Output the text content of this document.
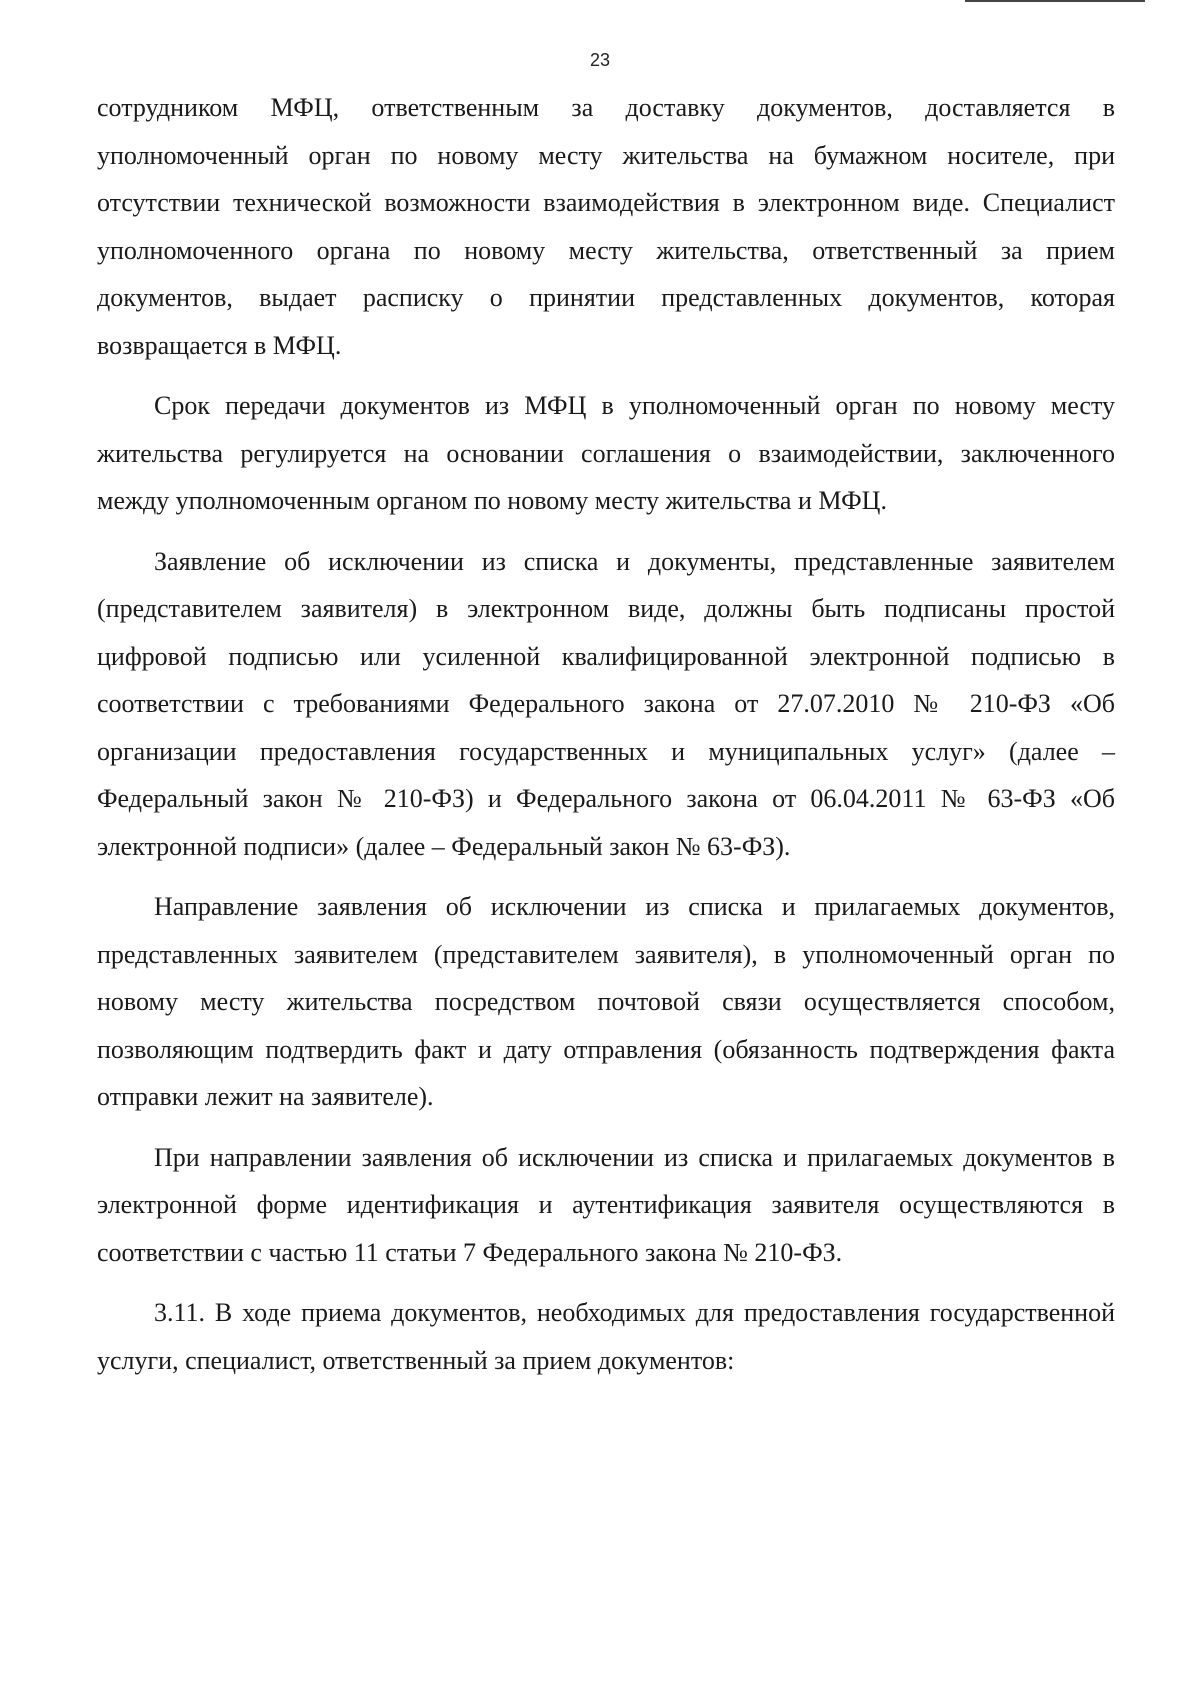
23

сотрудником МФЦ, ответственным за доставку документов, доставляется в уполномоченный орган по новому месту жительства на бумажном носителе, при отсутствии технической возможности взаимодействия в электронном виде. Специалист уполномоченного органа по новому месту жительства, ответственный за прием документов, выдает расписку о принятии представленных документов, которая возвращается в МФЦ.

Срок передачи документов из МФЦ в уполномоченный орган по новому месту жительства регулируется на основании соглашения о взаимодействии, заключенного между уполномоченным органом по новому месту жительства и МФЦ.

Заявление об исключении из списка и документы, представленные заявителем (представителем заявителя) в электронном виде, должны быть подписаны простой цифровой подписью или усиленной квалифицированной электронной подписью в соответствии с требованиями Федерального закона от 27.07.2010 № 210-ФЗ «Об организации предоставления государственных и муниципальных услуг» (далее – Федеральный закон № 210-ФЗ) и Федерального закона от 06.04.2011 № 63-ФЗ «Об электронной подписи» (далее – Федеральный закон № 63-ФЗ).

Направление заявления об исключении из списка и прилагаемых документов, представленных заявителем (представителем заявителя), в уполномоченный орган по новому месту жительства посредством почтовой связи осуществляется способом, позволяющим подтвердить факт и дату отправления (обязанность подтверждения факта отправки лежит на заявителе).

При направлении заявления об исключении из списка и прилагаемых документов в электронной форме идентификация и аутентификация заявителя осуществляются в соответствии с частью 11 статьи 7 Федерального закона № 210-ФЗ.

3.11. В ходе приема документов, необходимых для предоставления государственной услуги, специалист, ответственный за прием документов:
